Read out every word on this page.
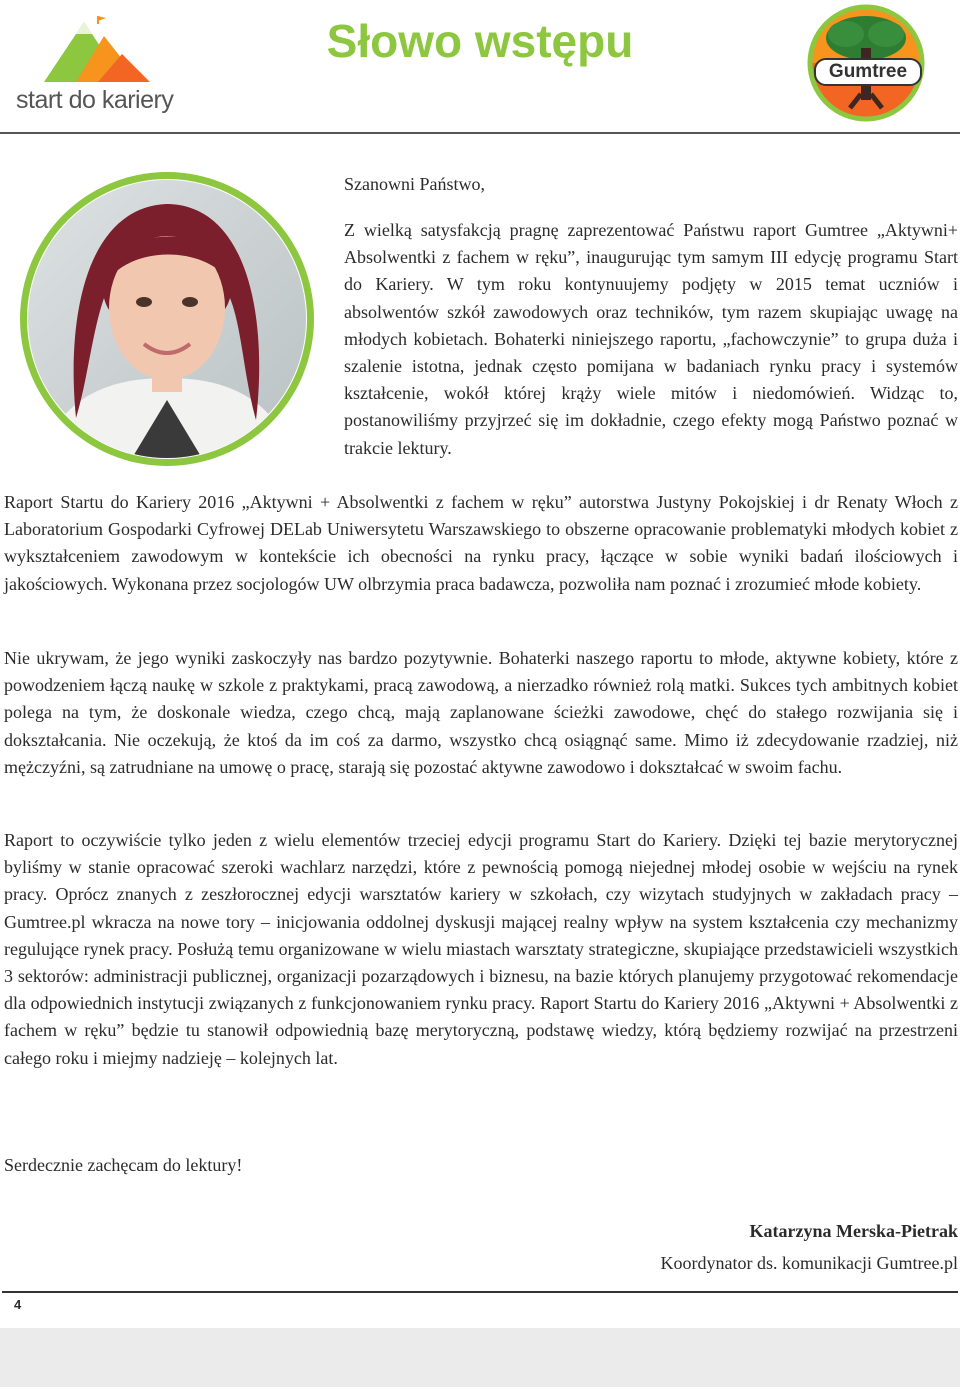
start do kariery
Słowo wstępu
Gumtree

Szanowni Państwo,

Z wielką satysfakcją pragnę zaprezentować Państwu raport Gumtree „Aktywni+ Absolwentki z fachem w ręku”, inaugurując tym samym III edycję programu Start do Kariery. W tym roku kontynuujemy podjęty w 2015 temat uczniów i absolwentów szkół zawodowych oraz techników, tym razem skupiając uwagę na młodych kobietach. Bohaterki niniejszego raportu, „fachowczynie” to grupa duża i szalenie istotna, jednak często pomijana w badaniach rynku pracy i systemów kształcenie, wokół której krąży wiele mitów i niedomówień. Widząc to, postanowiliśmy przyjrzeć się im dokładnie, czego efekty mogą Państwo poznać w trakcie lektury.

Raport Startu do Kariery 2016 „Aktywni + Absolwentki z fachem w ręku” autorstwa Justyny Pokojskiej i dr Renaty Włoch z Laboratorium Gospodarki Cyfrowej DELab Uniwersytetu Warszawskiego to obszerne opracowanie problematyki młodych kobiet z wykształceniem zawodowym w kontekście ich obecności na rynku pracy, łączące w sobie wyniki badań ilościowych i jakościowych. Wykonana przez socjologów UW olbrzymia praca badawcza, pozwoliła nam poznać i zrozumieć młode kobiety.

Nie ukrywam, że jego wyniki zaskoczyły nas bardzo pozytywnie. Bohaterki naszego raportu to młode, aktywne kobiety, które z powodzeniem łączą naukę w szkole z praktykami, pracą zawodową, a nierzadko również rolą matki. Sukces tych ambitnych kobiet polega na tym, że doskonale wiedza, czego chcą, mają zaplanowane ścieżki zawodowe, chęć do stałego rozwijania się i dokształcania. Nie oczekują, że ktoś da im coś za darmo, wszystko chcą osiągnąć same. Mimo iż zdecydowanie rzadziej, niż mężczyźni, są zatrudniane na umowę o pracę, starają się pozostać aktywne zawodowo i dokształcać w swoim fachu.

Raport to oczywiście tylko jeden z wielu elementów trzeciej edycji programu Start do Kariery. Dzięki tej bazie merytorycznej byliśmy w stanie opracować szeroki wachlarz narzędzi, które z pewnością pomogą niejednej młodej osobie w wejściu na rynek pracy. Oprócz znanych z zeszłorocznej edycji warsztatów kariery w szkołach, czy wizytach studyjnych w zakładach pracy – Gumtree.pl wkracza na nowe tory – inicjowania oddolnej dyskusji mającej realny wpływ na system kształcenia czy mechanizmy regulujące rynek pracy. Posłużą temu organizowane w wielu miastach warsztaty strategiczne, skupiające przedstawicieli wszystkich 3 sektorów: administracji publicznej, organizacji pozarządowych i biznesu, na bazie których planujemy przygotować rekomendacje dla odpowiednich instytucji związanych z funkcjonowaniem rynku pracy. Raport Startu do Kariery 2016 „Aktywni + Absolwentki z fachem w ręku” będzie tu stanowił odpowiednią bazę merytoryczną, podstawę wiedzy, którą będziemy rozwijać na przestrzeni całego roku i miejmy nadzieję – kolejnych lat.

Serdecznie zachęcam do lektury!

Katarzyna Merska-Pietrak

Koordynator ds. komunikacji Gumtree.pl

4
